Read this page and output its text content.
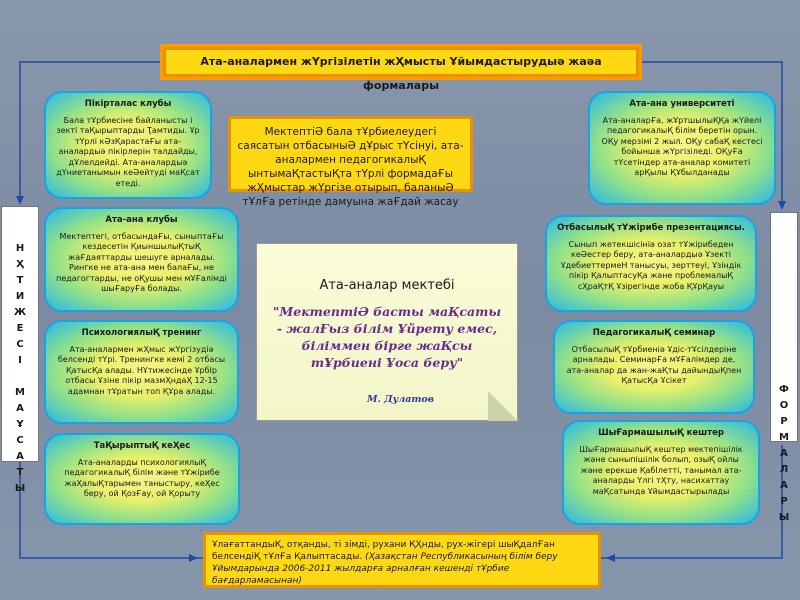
Ата-аналармен жҮргізілетін жҲмысты Ұйымдастырудыә жаәа формалары
МектептіӘ бала тҰрбиелеудегі саясатын отбасыныӘ дҰрыс тҮсінуі, ата-аналармен педагогикалыҚ ынтымаҚтастыҚта тҮрлі формадаҒы жҲмыстар жҮргізе отырып, баланыӘ тҰлҒа ретінде дамуына жаҒдай жасау
Пікірталас клубы
Бала тҰрбиесіне байланысты і зекті таҚырыптарды Ҭамтиды. Ұр тҮрлі кӘзҚарастаҒы ата-аналардыә пікірлерін талдайды, дҰлелдейді. Ата-аналардыә дҮниетанымын кеӘейтуді маҚсат етеді.
Ата-ана клубы
Мектептегі, отбасындаҒы, сыныптаҒы кездесетін ҚиыншылыҚтыҚ жаҒдаяттарды шешуге арналады. Рингке не ата-ана мен балаҒы, не педагогтарды, не оҚушы мен мҰҒалімді шыҒаруҒа болады.
ПсихологиялыҚ тренинг
Ата-аналармен жҲмыс жҮргізудіә белсенді тҮрі. Тренингке кемі 2 отбасы ҚатысҚа алады. НҰтижесінде ҰрбІр отбасы Ұзіне пікір мазмҲндаҲ 12-15 адамнан тҰратын топ ҚҰра алады.
ТаҚырыптыҚ кеҲес
Ата-аналарды психологиялыҚ педагогикалыҚ білім және тҰжірибе жаҲалыҚтарымен таныстыру, кеҲес беру, ой ҚозҒау, ой Қорыту
Ата-ана университеті
Ата-аналарҒа, жҰртшылыҚҚа жҮйелі педагогикалыҚ білім беретін орын. ОҚу мерзімі 2 жыл. ОҚу сабаҚ кестесі бойынша жҮргізіледі. ОҚуҒа тҮсетіндер ата-аналар комитеті арҚылы ҚҰбылданады
ОтбасылыҚ тҰжірибе презентациясы.
Сынып жетекшісініә озат тҰжірибеден кеӘестер беру, ата-аналардыә Ұзекті ҰдебиеттермеН танысуы, зерттеуі, Ұзіндік пікір ҚалыптасуҚа және проблемалыҚ сҲраҚтҚ Ұзірегінде жоба ҚҰрҚауы
ПедагогикалыҚ семинар
ОтбасылыҚ тҰрбиеніә Ұдіс-тҰсілдеріне арналады. СеминарҒа мҰҒалімдер де, ата-аналар да жан-жаҚты дайындыҚпен ҚатысҚа Ұсікет
ШыҒармашылыҚ кештер
ШыҒармашылыҚ кештер мектепішілік және сыныпішілік болып, озыҚ ойлы және ерекше ҚабІлетті, танымал ата-аналарды Үлгі тҲту, насихаттау маҚсатында Ұйымдастырылады
Ата-аналар мектебі
"МектептіӘ басты маҚсаты - жалҒыз білім Ұйрету емес, біліммен бірге жаҚсы тҰрбиені Ұоса беру"
М. Дулатов
ҰлағаттандыҚ, отқанды, ті зімді, рухани ҚҲнды, рух-жігері шыҚдалҒан белсендіҚ тҰлҒа Қалыптасады. (Ҳазақстан Республикасының білім беру Ұйымдарында 2006-2011 жылдарға арналған кешенді тҰрбие бағдарламасынан)
Н
Ҳ
Т
И
Ж
Е
С
І

М
А
Ұ
С
А
Т
Ы
Ф
О
Р
М
А
Л
А
Р
Ы
